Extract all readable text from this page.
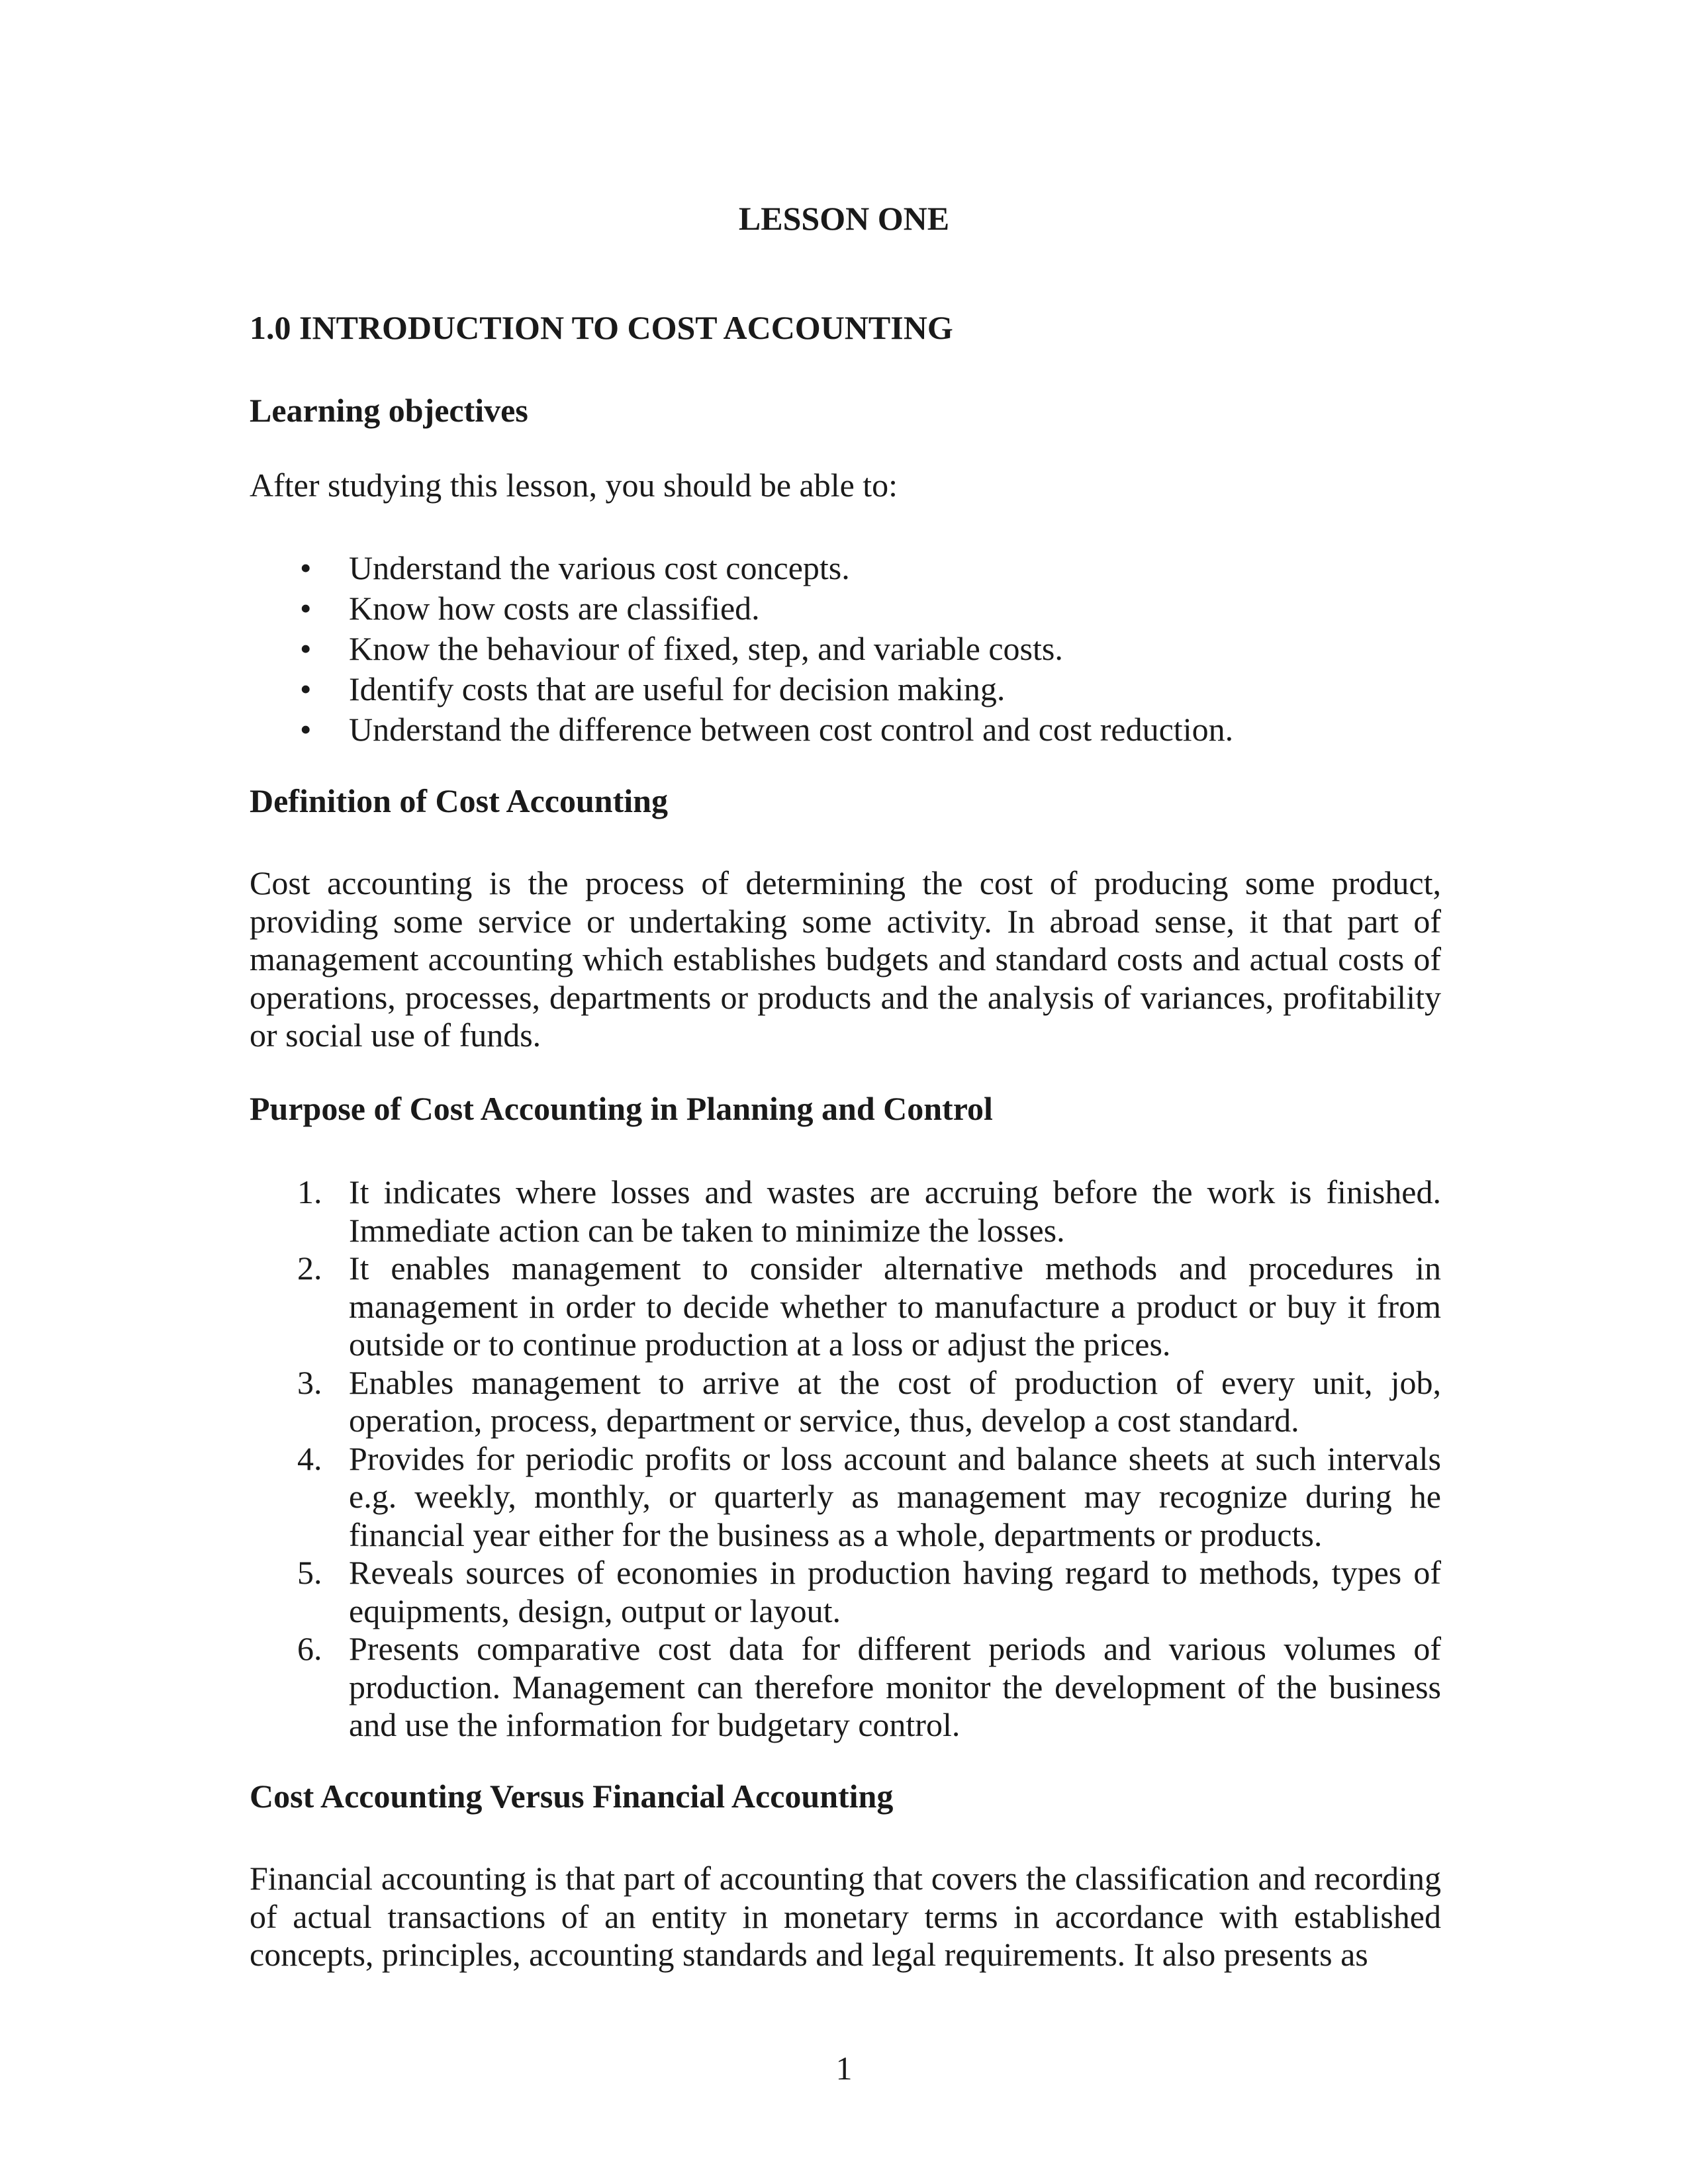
LESSON ONE
1.0 INTRODUCTION TO COST ACCOUNTING
Learning objectives

After studying this lesson, you should be able to:

• Understand the various cost concepts.
• Know how costs are classified.
• Know the behaviour of fixed, step, and variable costs.
• Identify costs that are useful for decision making.
• Understand the difference between cost control and cost reduction.
Definition of Cost Accounting

Cost accounting is the process of determining the cost of producing some product, providing some service or undertaking some activity. In abroad sense, it that part of management accounting which establishes budgets and standard costs and actual costs of operations, processes, departments or products and the analysis of variances, profitability or social use of funds.

Purpose of Cost Accounting in Planning and Control
1. It indicates where losses and wastes are accruing before the work is finished. Immediate action can be taken to minimize the losses.
2. It enables management to consider alternative methods and procedures in management in order to decide whether to manufacture a product or buy it from outside or to continue production at a loss or adjust the prices.
3. Enables management to arrive at the cost of production of every unit, job, operation, process, department or service, thus, develop a cost standard.
4. Provides for periodic profits or loss account and balance sheets at such intervals e.g. weekly, monthly, or quarterly as management may recognize during he financial year either for the business as a whole, departments or products.
5. Reveals sources of economies in production having regard to methods, types of equipments, design, output or layout.
6. Presents comparative cost data for different periods and various volumes of production. Management can therefore monitor the development of the business and use the information for budgetary control.
Cost Accounting Versus Financial Accounting

Financial accounting is that part of accounting that covers the classification and recording of actual transactions of an entity in monetary terms in accordance with established concepts, principles, accounting standards and legal requirements. It also presents as

1
